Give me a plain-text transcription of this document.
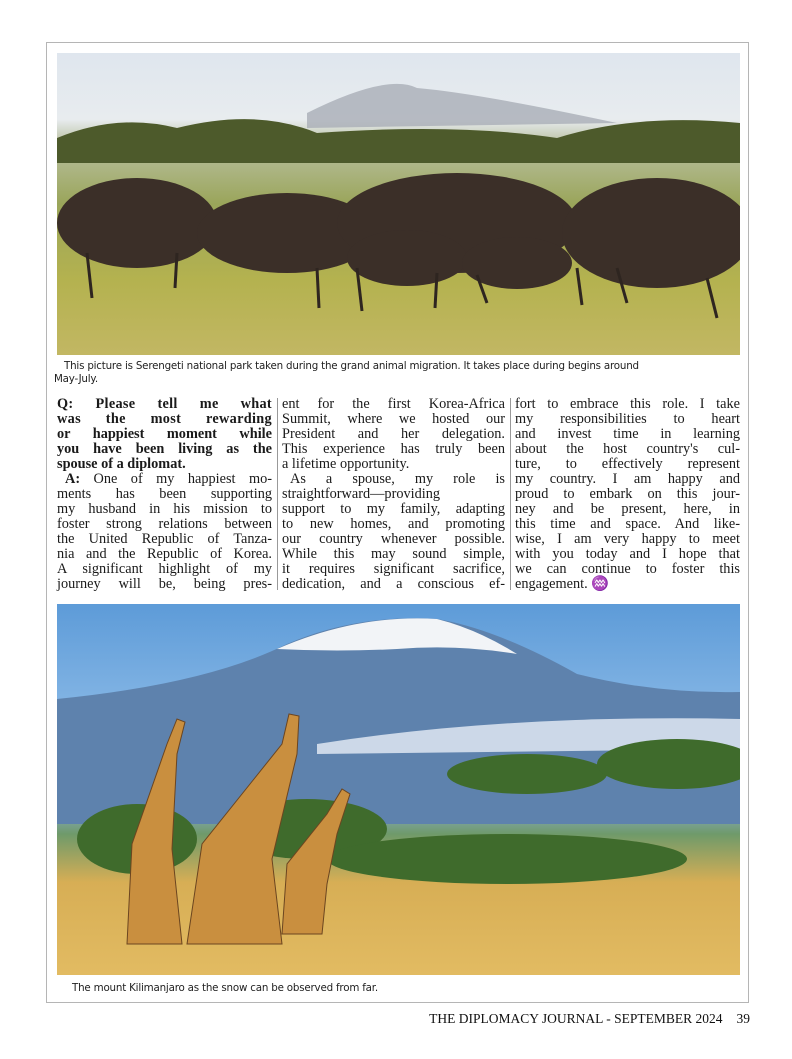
This picture is Serengeti national park taken during the grand animal migration. It takes place during begins around
May-July.
Q: Please tell me what
was the most rewarding
or happiest moment while
you have been living as the
spouse of a diplomat.
A: One of my happiest mo-
ments has been supporting
my husband in his mission to
foster strong relations between
the United Republic of Tanza-
nia and the Republic of Korea.
A significant highlight of my
journey will be, being pres-
ent for the first Korea-Africa
Summit, where we hosted our
President and her delegation.
This experience has truly been
a lifetime opportunity.
As a spouse, my role is
straightforward—providing
support to my family, adapting
to new homes, and promoting
our country whenever possible.
While this may sound simple,
it requires significant sacrifice,
dedication, and a conscious ef-
fort to embrace this role. I take
my responsibilities to heart
and invest time in learning
about the host country's cul-
ture, to effectively represent
my country. I am happy and
proud to embark on this jour-
ney and be present, here, in
this time and space. And like-
wise, I am very happy to meet
with you today and I hope that
we can continue to foster this
engagement. ♒
The mount Kilimanjaro as the snow can be observed from far.
THE DIPLOMACY JOURNAL - SEPTEMBER 2024 39
